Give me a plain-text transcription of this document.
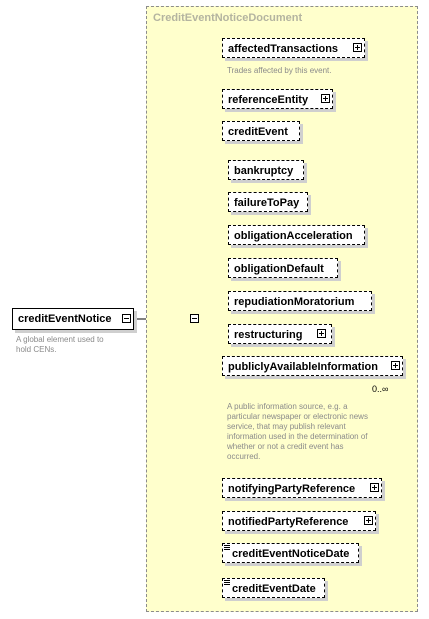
CreditEventNoticeDocument
creditEventNotice
A global element used to
hold CENs.
affectedTransactions
Trades affected by this event.
referenceEntity
creditEvent
bankruptcy
failureToPay
obligationAcceleration
obligationDefault
repudiationMoratorium
restructuring
publiclyAvailableInformation
0..∞
A public information source, e.g. a
particular newspaper or electronic news
service, that may publish relevant
information used in the determination of
whether or not a credit event has
occurred.
notifyingPartyReference
notifiedPartyReference
creditEventNoticeDate
creditEventDate
